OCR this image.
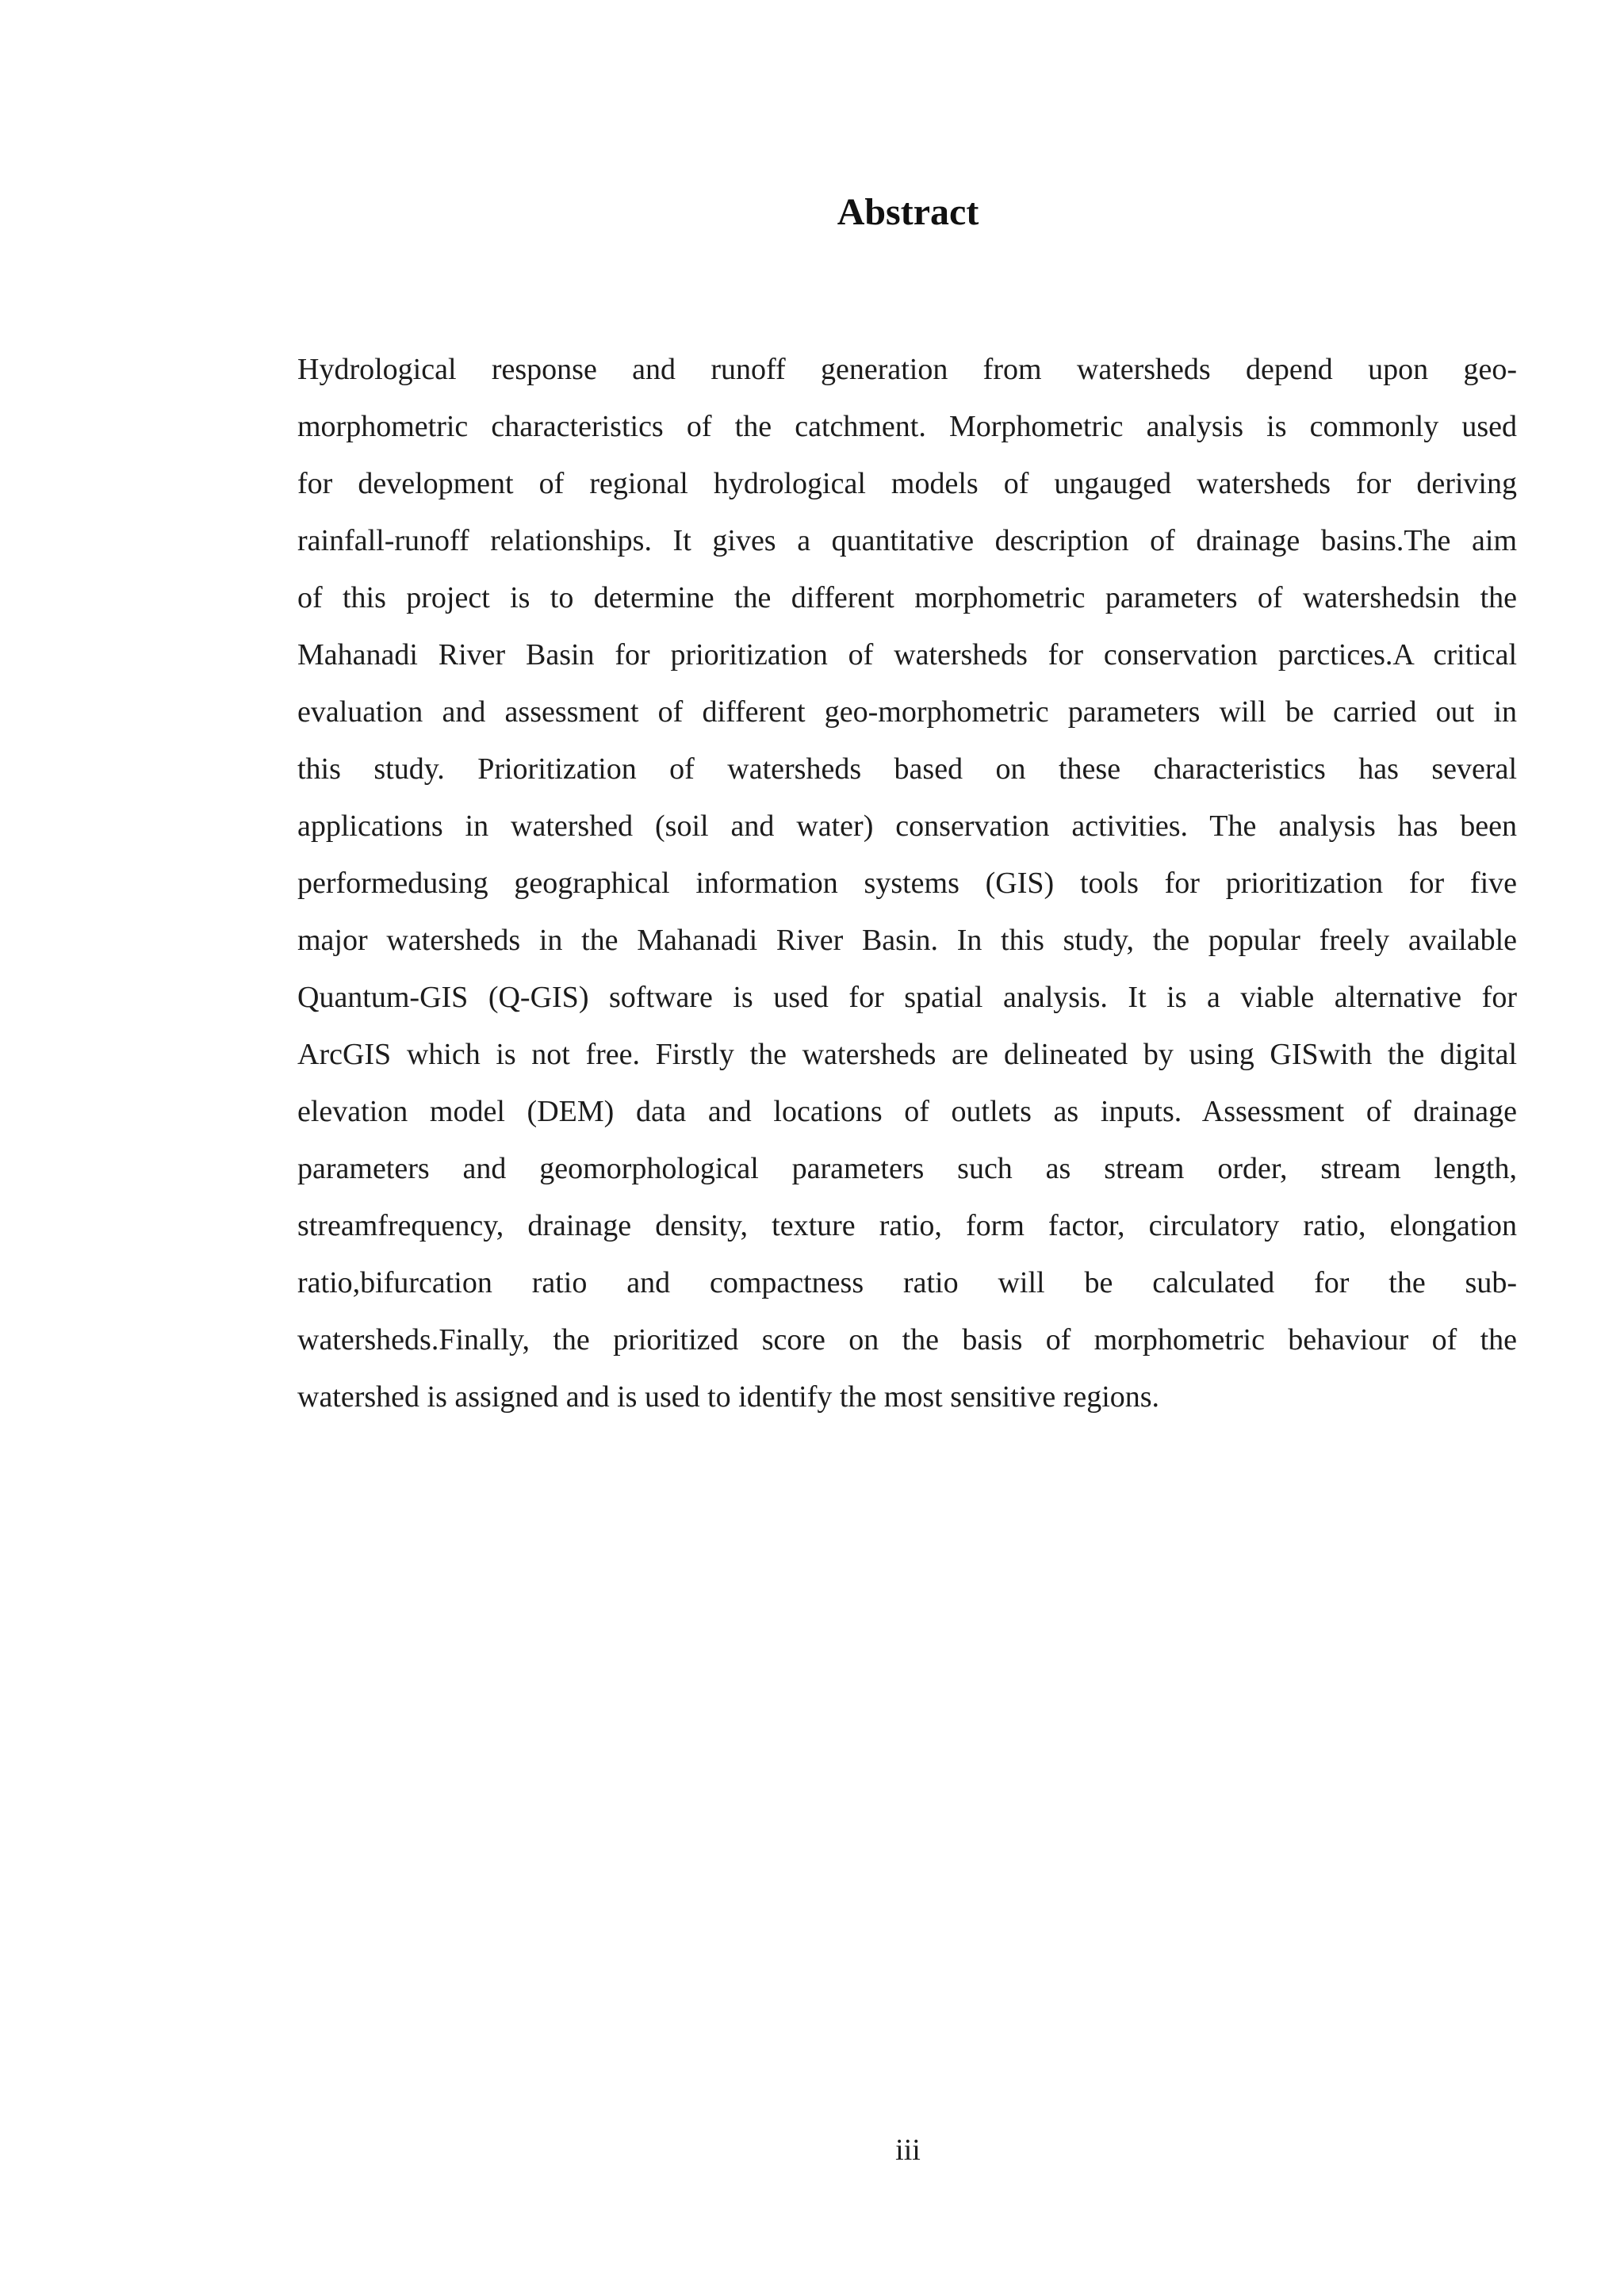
Abstract
Hydrological response and runoff generation from watersheds depend upon geo-
morphometric characteristics of the catchment. Morphometric analysis is commonly used
for development of regional hydrological models of ungauged watersheds for deriving
rainfall-runoff relationships. It gives a quantitative description of drainage basins.The aim
of this project is to determine the different morphometric parameters of watershedsin the
Mahanadi River Basin for prioritization of watersheds for conservation parctices.A critical
evaluation and assessment of different geo-morphometric parameters will be carried out in
this study. Prioritization of watersheds based on these characteristics has several
applications in watershed (soil and water) conservation activities. The analysis has been
performedusing geographical information systems (GIS) tools for prioritization for five
major watersheds in the Mahanadi River Basin. In this study, the popular freely available
Quantum-GIS (Q-GIS) software is used for spatial analysis. It is a viable alternative for
ArcGIS which is not free. Firstly the watersheds are delineated by using GISwith the digital
elevation model (DEM) data and locations of outlets as inputs. Assessment of drainage
parameters and geomorphological parameters such as stream order, stream length,
streamfrequency, drainage density, texture ratio, form factor, circulatory ratio, elongation
ratio,bifurcation ratio and compactness ratio will be calculated for the sub-
watersheds.Finally, the prioritized score on the basis of morphometric behaviour of the
watershed is assigned and is used to identify the most sensitive regions.
iii
